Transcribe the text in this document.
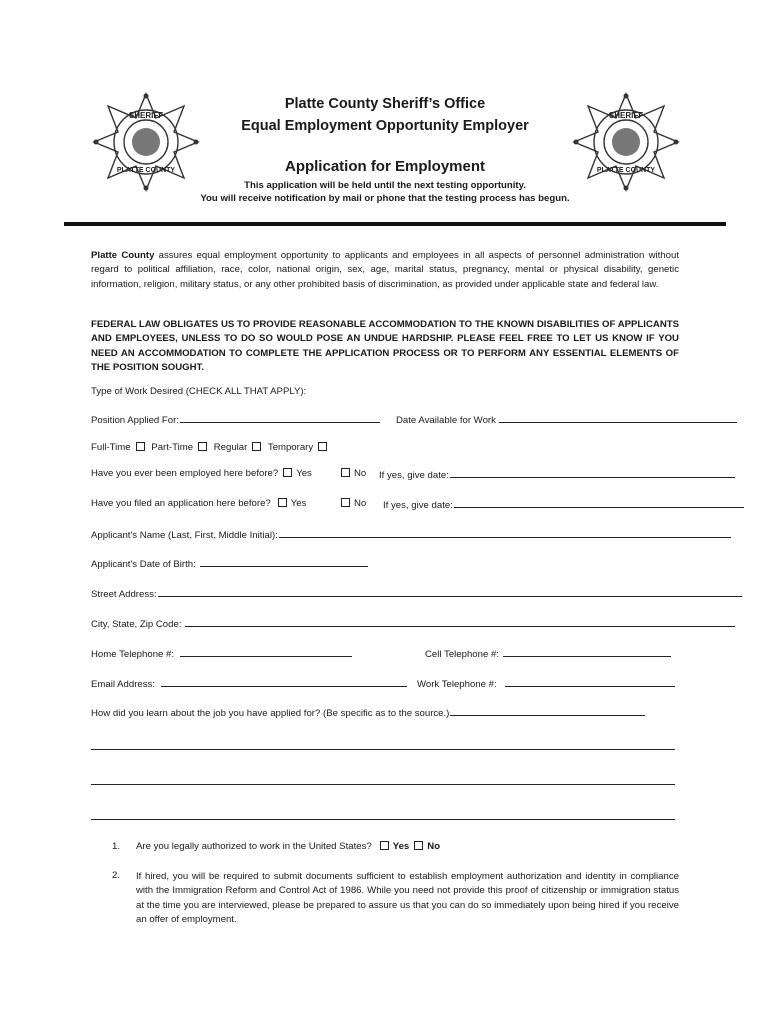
SHERIFF
PLATTE COUNTY
SHERIFF
PLATTE COUNTY
Platte County Sheriff’s Office
Equal Employment Opportunity Employer
Application for Employment
This application will be held until the next testing opportunity.
You will receive notification by mail or phone that the testing process has begun.
Platte County assures equal employment opportunity to applicants and employees in all aspects of personnel administration without regard to political affiliation, race, color, national origin, sex, age, marital status, pregnancy, mental or physical disability, genetic information, religion, military status, or any other prohibited basis of discrimination, as provided under applicable state and federal law.
FEDERAL LAW OBLIGATES US TO PROVIDE REASONABLE ACCOMMODATION TO THE KNOWN DISABILITIES OF APPLICANTS AND EMPLOYEES, UNLESS TO DO SO WOULD POSE AN UNDUE HARDSHIP. PLEASE FEEL FREE TO LET US KNOW IF YOU NEED AN ACCOMMODATION TO COMPLETE THE APPLICATION PROCESS OR TO PERFORM ANY ESSENTIAL ELEMENTS OF THE POSITION SOUGHT.
Type of Work Desired (CHECK ALL THAT APPLY):
Position Applied For:	Date Available for Work
Full-Time Part-Time Regular Temporary
Have you ever been employed here before? Yes	No If yes, give date:
Have you filed an application here before? Yes	No If yes, give date:
Applicant's Name (Last, First, Middle Initial):
Applicant's Date of Birth:
Street Address:
City, State, Zip Code:
Home Telephone #:	Cell Telephone #:
Email Address:	Work Telephone #:
How did you learn about the job you have applied for? (Be specific as to the source.)
1. Are you legally authorized to work in the United States? Yes No
2. If hired, you will be required to submit documents sufficient to establish employment authorization and identity in compliance with the Immigration Reform and Control Act of 1986. While you need not provide this proof of citizenship or immigration status at the time you are interviewed, please be prepared to assure us that you can do so immediately upon being hired if you receive an offer of employment.
